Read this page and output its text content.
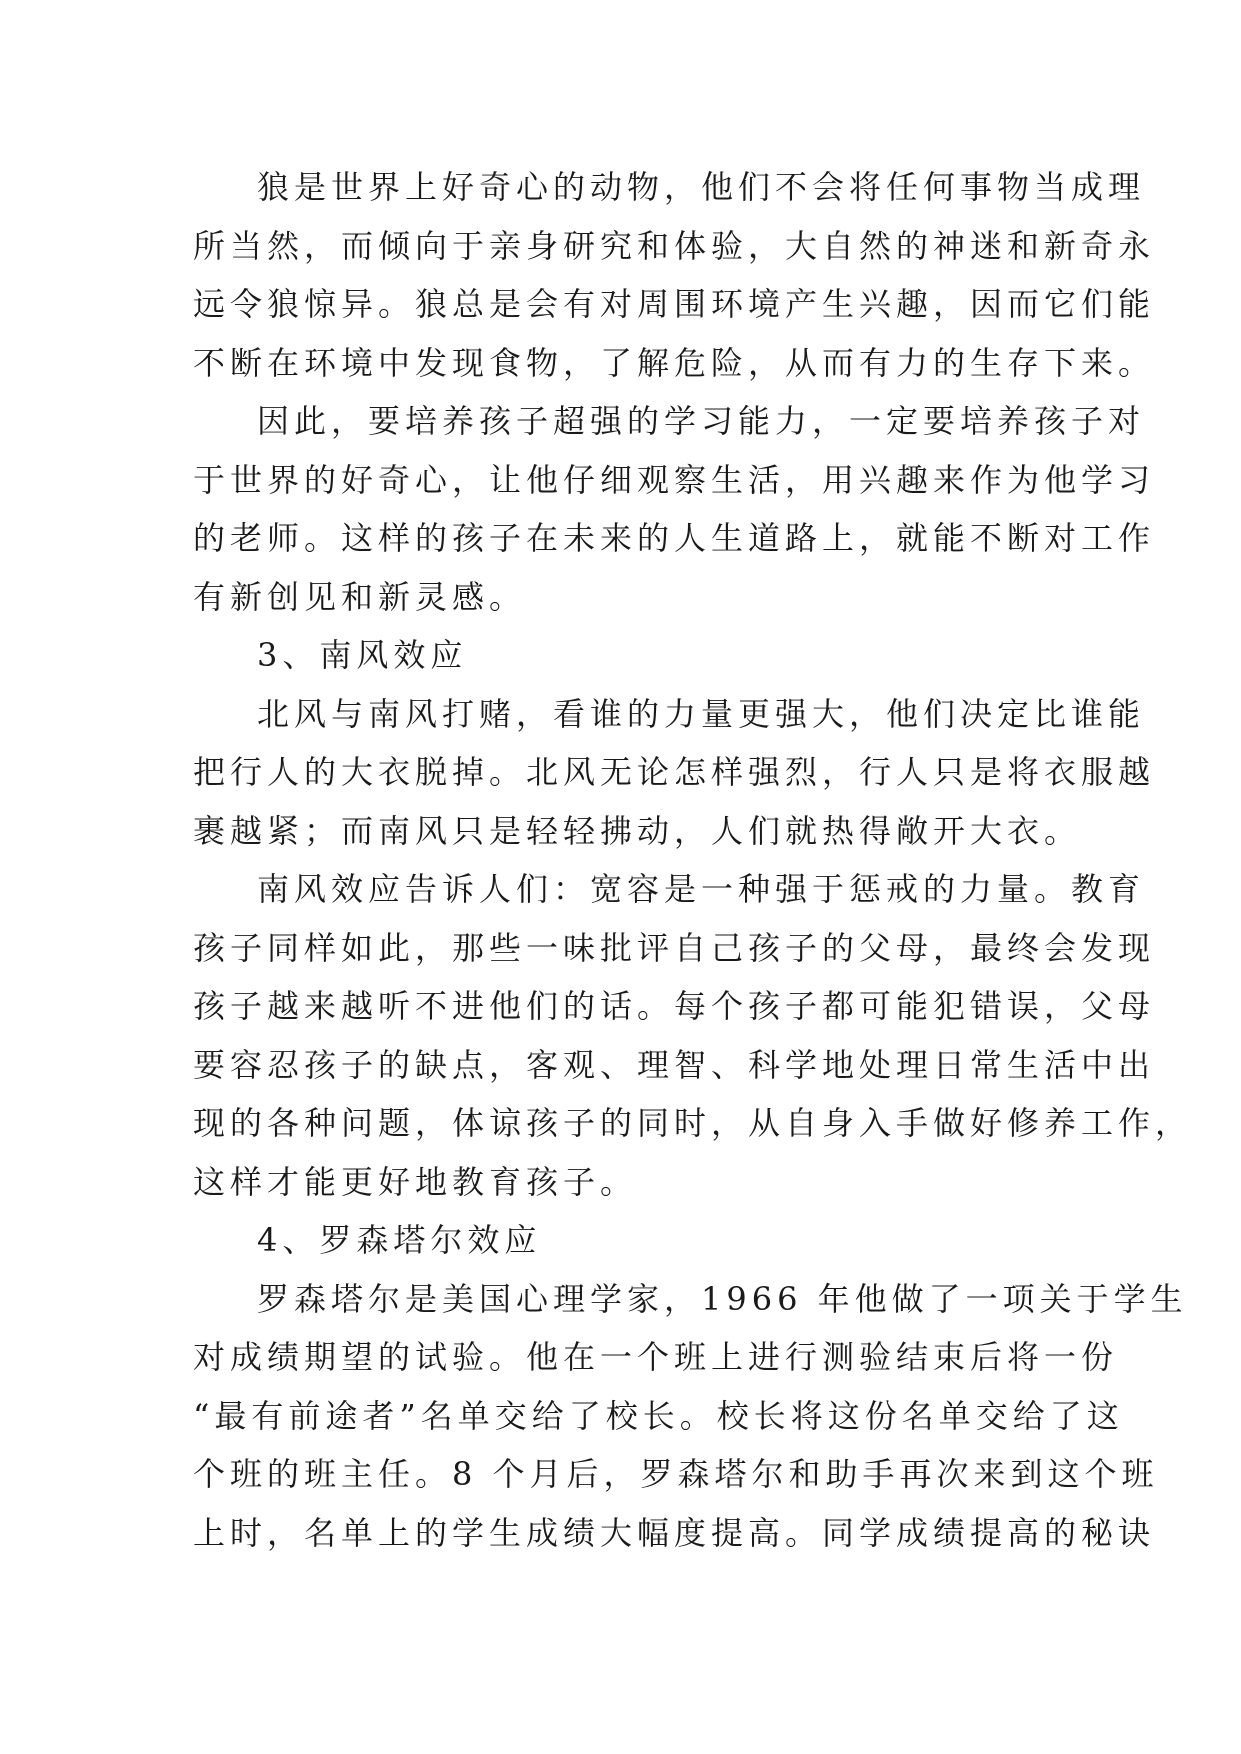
狼是世界上好奇心的动物，他们不会将任何事物当成理
所当然，而倾向于亲身研究和体验，大自然的神迷和新奇永
远令狼惊异。狼总是会有对周围环境产生兴趣，因而它们能
不断在环境中发现食物，了解危险，从而有力的生存下来。
因此，要培养孩子超强的学习能力，一定要培养孩子对
于世界的好奇心，让他仔细观察生活，用兴趣来作为他学习
的老师。这样的孩子在未来的人生道路上，就能不断对工作
有新创见和新灵感。
3、南风效应
北风与南风打赌，看谁的力量更强大，他们决定比谁能
把行人的大衣脱掉。北风无论怎样强烈，行人只是将衣服越
裹越紧；而南风只是轻轻拂动，人们就热得敞开大衣。
南风效应告诉人们：宽容是一种强于惩戒的力量。教育
孩子同样如此，那些一味批评自己孩子的父母，最终会发现
孩子越来越听不进他们的话。每个孩子都可能犯错误，父母
要容忍孩子的缺点，客观、理智、科学地处理日常生活中出
现的各种问题，体谅孩子的同时，从自身入手做好修养工作，
这样才能更好地教育孩子。
4、罗森塔尔效应
罗森塔尔是美国心理学家，1966 年他做了一项关于学生
对成绩期望的试验。他在一个班上进行测验结束后将一份
“最有前途者”名单交给了校长。校长将这份名单交给了这
个班的班主任。8 个月后，罗森塔尔和助手再次来到这个班
上时，名单上的学生成绩大幅度提高。同学成绩提高的秘诀
